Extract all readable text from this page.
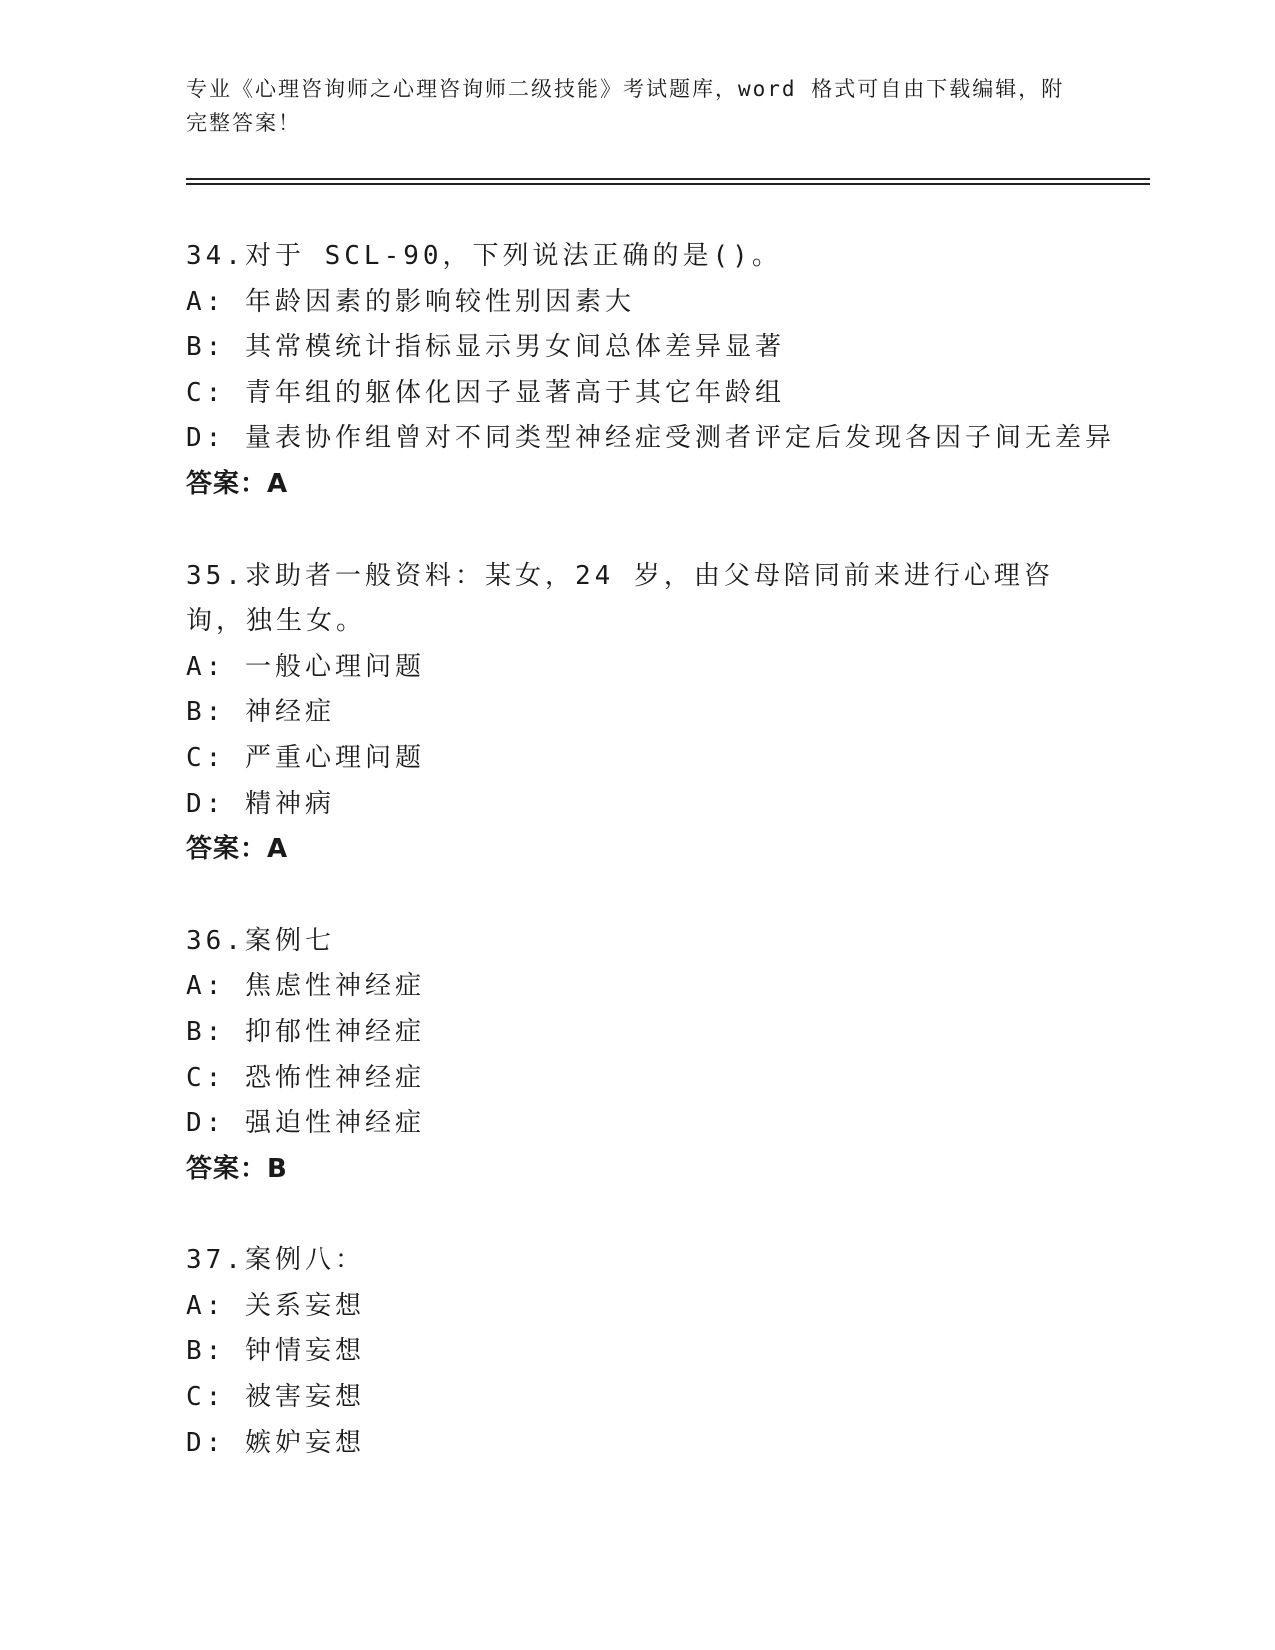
专业《心理咨询师之心理咨询师二级技能》考试题库，word 格式可自由下载编辑，附完整答案！
34.对于 SCL-90，下列说法正确的是()。
A: 年龄因素的影响较性别因素大
B: 其常模统计指标显示男女间总体差异显著
C: 青年组的躯体化因子显著高于其它年龄组
D: 量表协作组曾对不同类型神经症受测者评定后发现各因子间无差异
答案：A
35.求助者一般资料：某女，24 岁，由父母陪同前来进行心理咨询，独生女。
A: 一般心理问题
B: 神经症
C: 严重心理问题
D: 精神病
答案：A
36.案例七
A: 焦虑性神经症
B: 抑郁性神经症
C: 恐怖性神经症
D: 强迫性神经症
答案：B
37.案例八：
A: 关系妄想
B: 钟情妄想
C: 被害妄想
D: 嫉妒妄想
